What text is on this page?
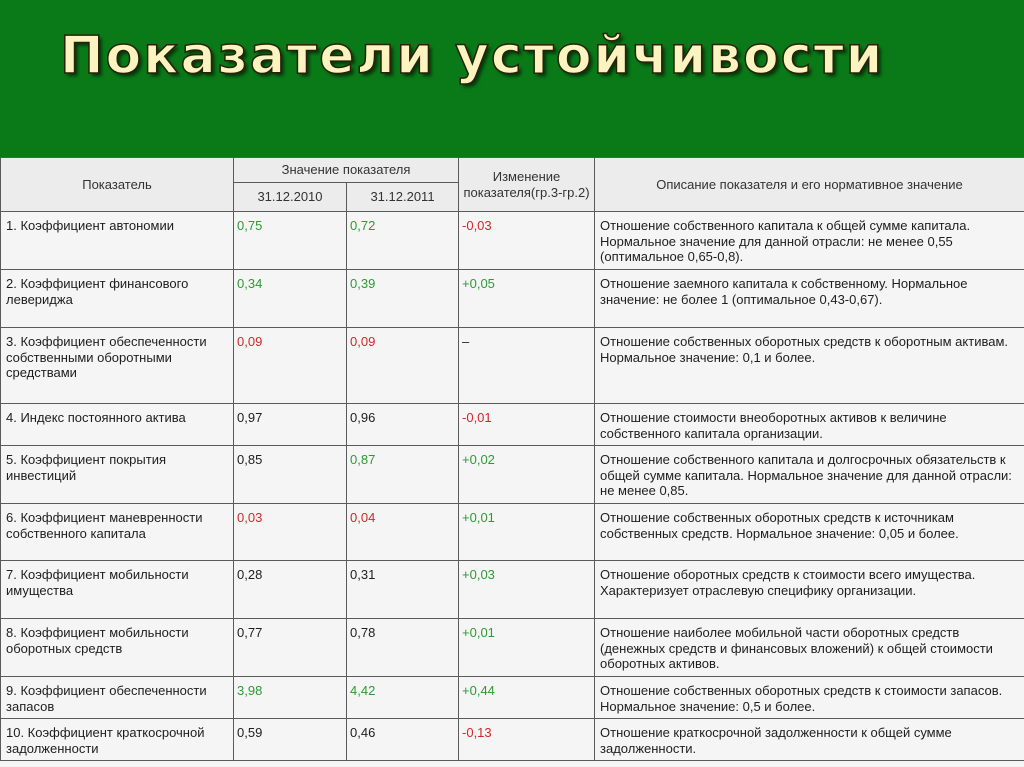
Показатели устойчивости
Показатель	Значение показателя		Изменение показателя(гр.3-гр.2)	Описание показателя и его нормативное значение
	31.12.2010	31.12.2011		
1. Коэффициент автономии	0,75	0,72	-0,03	Отношение собственного капитала к общей сумме капитала. Нормальное значение для данной отрасли: не менее 0,55 (оптимальное 0,65-0,8).
2. Коэффициент финансового левериджа	0,34	0,39	+0,05	Отношение заемного капитала к собственному. Нормальное значение: не более 1 (оптимальное 0,43-0,67).
3. Коэффициент обеспеченности собственными оборотными средствами	0,09	0,09	–	Отношение собственных оборотных средств к оборотным активам. Нормальное значение: 0,1 и более.
4. Индекс постоянного актива	0,97	0,96	-0,01	Отношение стоимости внеоборотных активов к величине собственного капитала организации.
5. Коэффициент покрытия инвестиций	0,85	0,87	+0,02	Отношение собственного капитала и долгосрочных обязательств к общей сумме капитала. Нормальное значение для данной отрасли: не менее 0,85.
6. Коэффициент маневренности собственного капитала	0,03	0,04	+0,01	Отношение собственных оборотных средств к источникам собственных средств. Нормальное значение: 0,05 и более.
7. Коэффициент мобильности имущества	0,28	0,31	+0,03	Отношение оборотных средств к стоимости всего имущества. Характеризует отраслевую специфику организации.
8. Коэффициент мобильности оборотных средств	0,77	0,78	+0,01	Отношение наиболее мобильной части оборотных средств (денежных средств и финансовых вложений) к общей стоимости оборотных активов.
9. Коэффициент обеспеченности запасов	3,98	4,42	+0,44	Отношение собственных оборотных средств к стоимости запасов. Нормальное значение: 0,5 и более.
10. Коэффициент краткосрочной задолженности	0,59	0,46	-0,13	Отношение краткосрочной задолженности к общей сумме задолженности.
